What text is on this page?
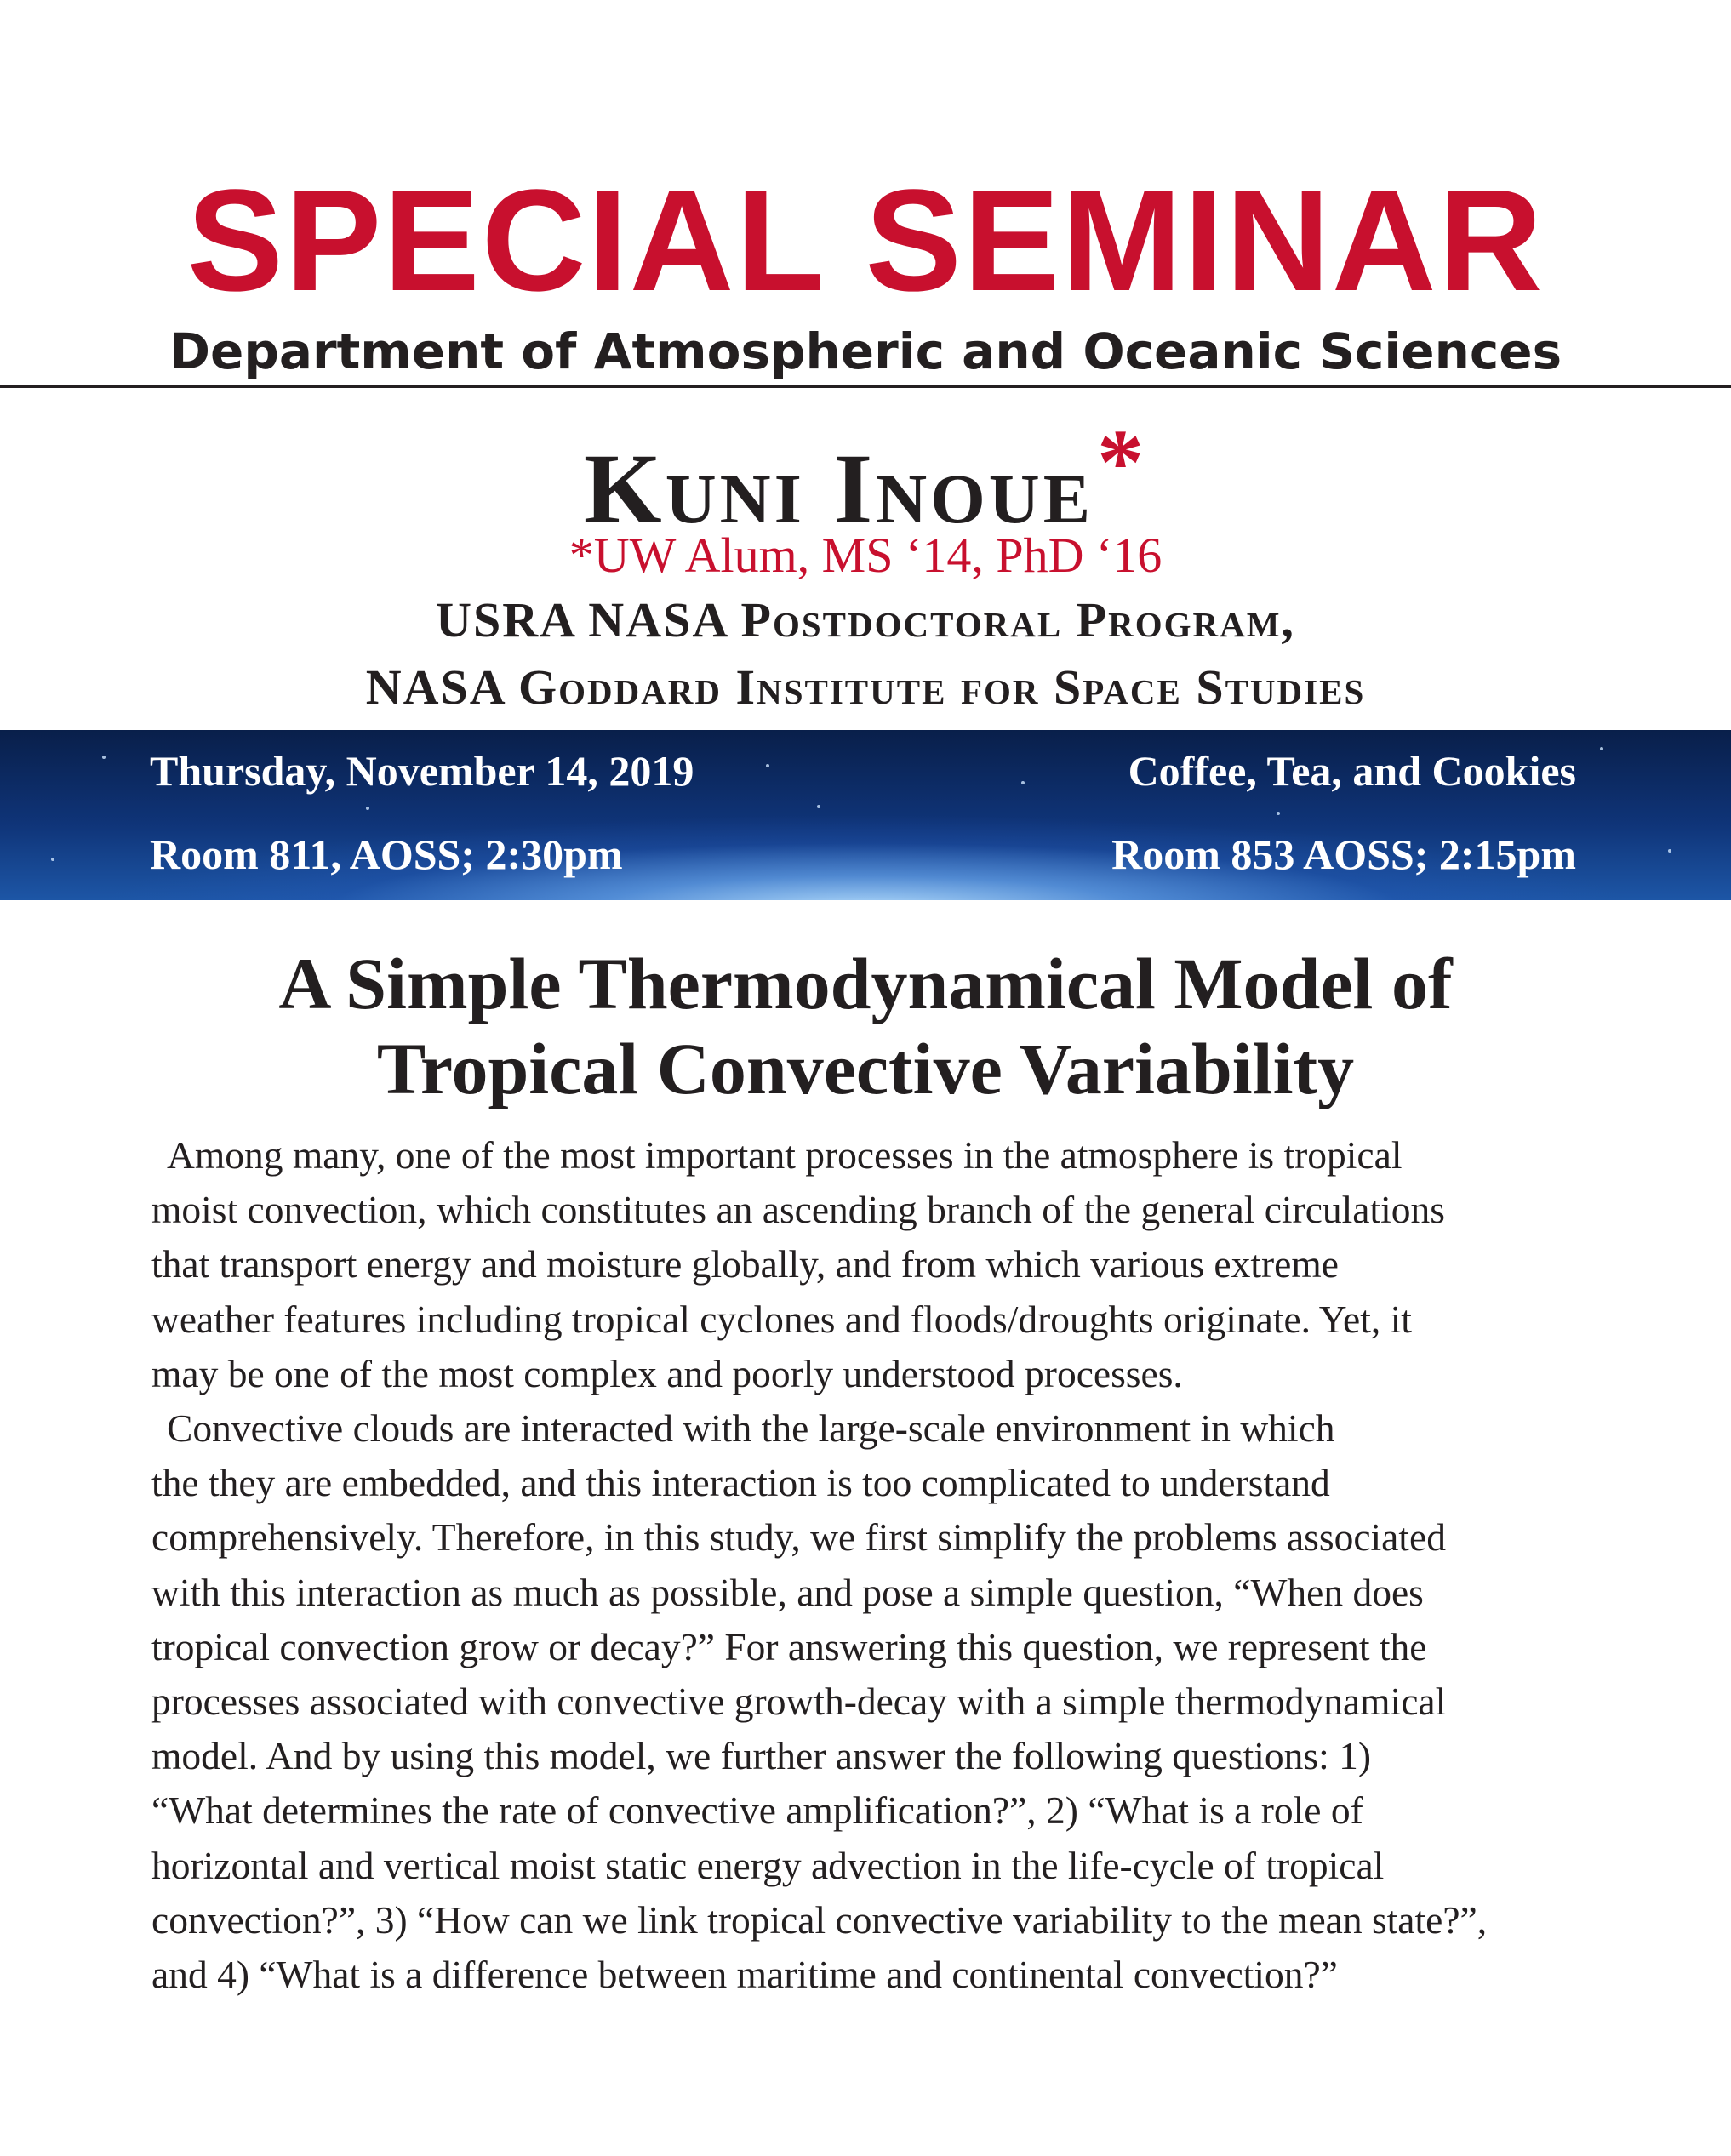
SPECIAL SEMINAR
Department of Atmospheric and Oceanic Sciences
Kuni Inoue*
*UW Alum, MS ‘14, PhD ‘16
USRA NASA Postdoctoral Program,
NASA Goddard Institute for Space Studies
Thursday, November 14, 2019
Room 811, AOSS; 2:30pm
Coffee, Tea, and Cookies
Room 853 AOSS; 2:15pm
A Simple Thermodynamical Model of
Tropical Convective Variability
Among many, one of the most important processes in the atmosphere is tropical
moist convection, which constitutes an ascending branch of the general circulations
that transport energy and moisture globally, and from which various extreme
weather features including tropical cyclones and floods/droughts originate. Yet, it
may be one of the most complex and poorly understood processes.
Convective clouds are interacted with the large-scale environment in which
the they are embedded, and this interaction is too complicated to understand
comprehensively. Therefore, in this study, we first simplify the problems associated
with this interaction as much as possible, and pose a simple question, “When does
tropical convection grow or decay?” For answering this question, we represent the
processes associated with convective growth-decay with a simple thermodynamical
model. And by using this model, we further answer the following questions: 1)
“What determines the rate of convective amplification?”, 2) “What is a role of
horizontal and vertical moist static energy advection in the life-cycle of tropical
convection?”, 3) “How can we link tropical convective variability to the mean state?”,
and 4) “What is a difference between maritime and continental convection?”
